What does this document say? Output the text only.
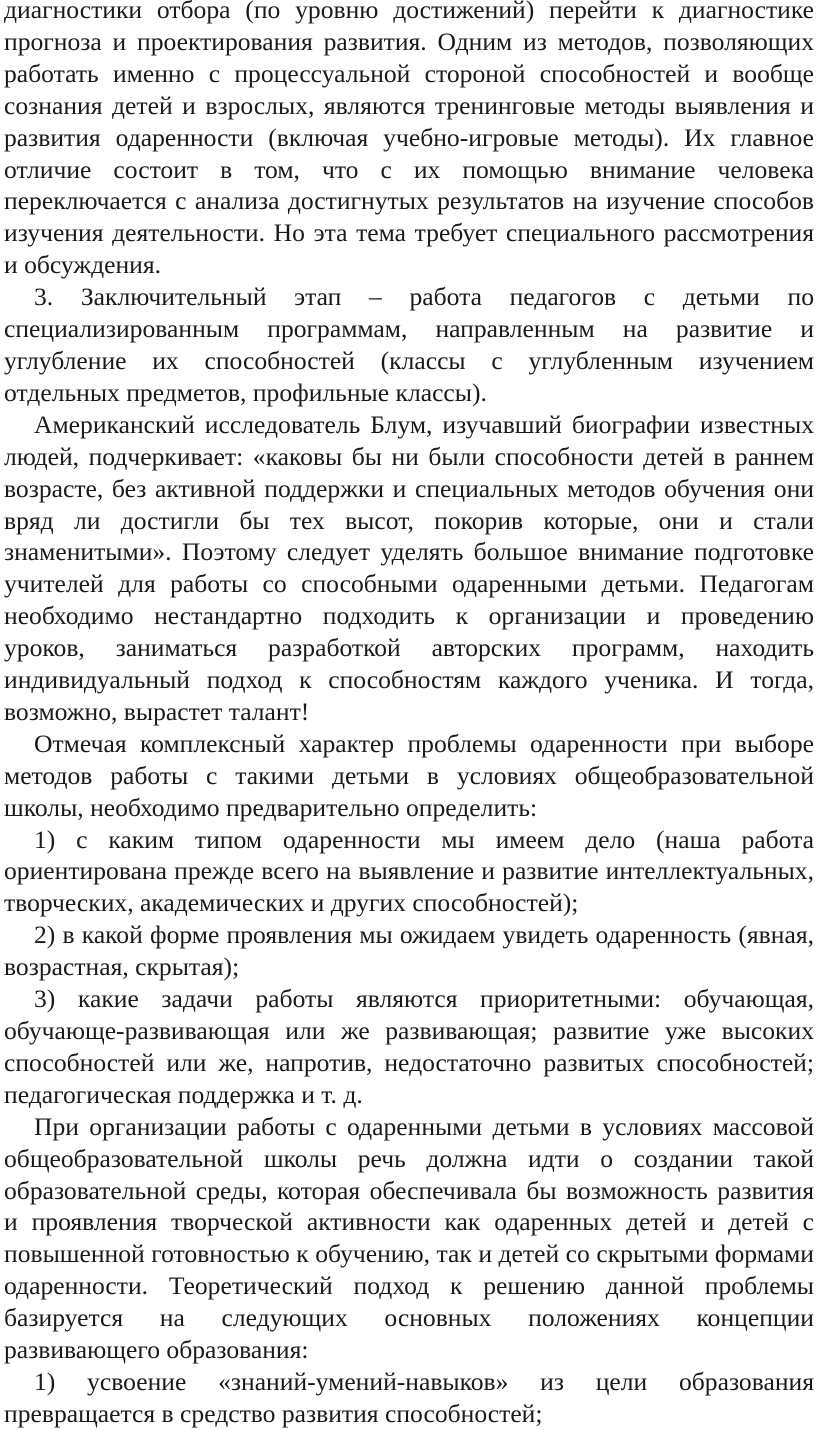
диагностики отбора (по уровню достижений) перейти к диагностике прогноза и проектирования развития. Одним из методов, позволяющих работать именно с процессуальной стороной способностей и вообще сознания детей и взрослых, являются тренинговые методы выявления и развития одаренности (включая учебно-игровые методы). Их главное отличие состоит в том, что с их помощью внимание человека переключается с анализа достигнутых результатов на изучение способов изучения деятельности. Но эта тема требует специального рассмотрения и обсуждения.

3. Заключительный этап – работа педагогов с детьми по специализированным программам, направленным на развитие и углубление их способностей (классы с углубленным изучением отдельных предметов, профильные классы).

Американский исследователь Блум, изучавший биографии известных людей, подчеркивает: «каковы бы ни были способности детей в раннем возрасте, без активной поддержки и специальных методов обучения они вряд ли достигли бы тех высот, покорив которые, они и стали знаменитыми». Поэтому следует уделять большое внимание подготовке учителей для работы со способными одаренными детьми. Педагогам необходимо нестандартно подходить к организации и проведению уроков, заниматься разработкой авторских программ, находить индивидуальный подход к способностям каждого ученика. И тогда, возможно, вырастет талант!

Отмечая комплексный характер проблемы одаренности при выборе методов работы с такими детьми в условиях общеобразовательной школы, необходимо предварительно определить:

1) с каким типом одаренности мы имеем дело (наша работа ориентирована прежде всего на выявление и развитие интеллектуальных, творческих, академических и других способностей);

2) в какой форме проявления мы ожидаем увидеть одаренность (явная, возрастная, скрытая);

3) какие задачи работы являются приоритетными: обучающая, обучающе-развивающая или же развивающая; развитие уже высоких способностей или же, напротив, недостаточно развитых способностей; педагогическая поддержка и т. д.

При организации работы с одаренными детьми в условиях массовой общеобразовательной школы речь должна идти о создании такой образовательной среды, которая обеспечивала бы возможность развития и проявления творческой активности как одаренных детей и детей с повышенной готовностью к обучению, так и детей со скрытыми формами одаренности. Теоретический подход к решению данной проблемы базируется на следующих основных положениях концепции развивающего образования:

1) усвоение «знаний-умений-навыков» из цели образования превращается в средство развития способностей;
